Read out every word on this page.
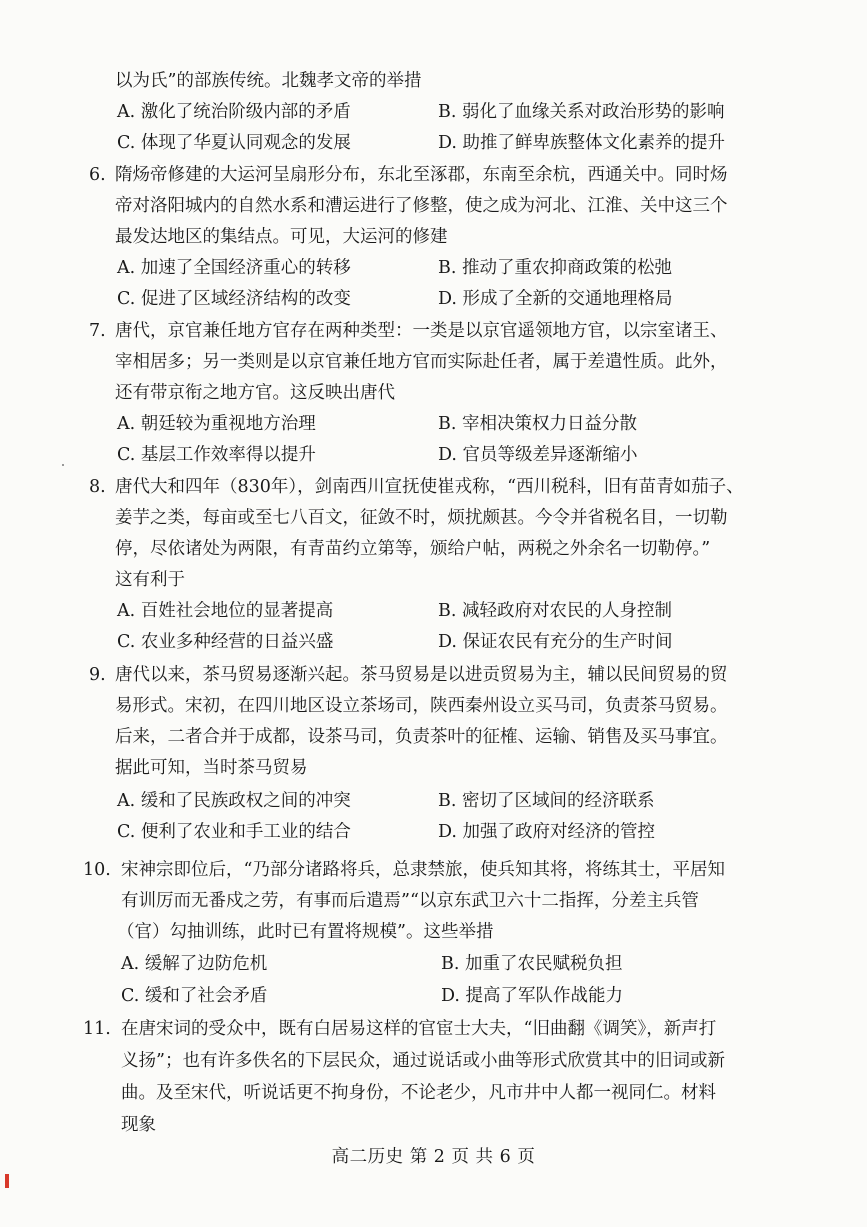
以为氏”的部族传统。北魏孝文帝的举措
A. 激化了统治阶级内部的矛盾	B. 弱化了血缘关系对政治形势的影响
C. 体现了华夏认同观念的发展	D. 助推了鲜卑族整体文化素养的提升
6. 隋炀帝修建的大运河呈扇形分布，东北至涿郡，东南至余杭，西通关中。同时炀
帝对洛阳城内的自然水系和漕运进行了修整，使之成为河北、江淮、关中这三个
最发达地区的集结点。可见，大运河的修建
A. 加速了全国经济重心的转移	B. 推动了重农抑商政策的松弛
C. 促进了区域经济结构的改变	D. 形成了全新的交通地理格局
7. 唐代，京官兼任地方官存在两种类型：一类是以京官遥领地方官，以宗室诸王、
宰相居多；另一类则是以京官兼任地方官而实际赴任者，属于差遣性质。此外，
还有带京衔之地方官。这反映出唐代
A. 朝廷较为重视地方治理	B. 宰相决策权力日益分散
C. 基层工作效率得以提升	D. 官员等级差异逐渐缩小
8. 唐代大和四年（830年），剑南西川宣抚使崔戎称，“西川税科，旧有苗青如茄子、
姜芋之类，每亩或至七八百文，征敛不时，烦扰颇甚。今令并省税名目，一切勒
停，尽依诸处为两限，有青苗约立第等，颁给户帖，两税之外余名一切勒停。”
这有利于
A. 百姓社会地位的显著提高	B. 减轻政府对农民的人身控制
C. 农业多种经营的日益兴盛	D. 保证农民有充分的生产时间
9. 唐代以来，茶马贸易逐渐兴起。茶马贸易是以进贡贸易为主，辅以民间贸易的贸
易形式。宋初，在四川地区设立茶场司，陕西秦州设立买马司，负责茶马贸易。
后来，二者合并于成都，设茶马司，负责茶叶的征榷、运输、销售及买马事宜。
据此可知，当时茶马贸易
A. 缓和了民族政权之间的冲突	B. 密切了区域间的经济联系
C. 便利了农业和手工业的结合	D. 加强了政府对经济的管控
10. 宋神宗即位后，“乃部分诸路将兵，总隶禁旅，使兵知其将，将练其士，平居知
有训厉而无番戍之劳，有事而后遣焉”“以京东武卫六十二指挥，分差主兵管
（官）勾抽训练，此时已有置将规模”。这些举措
A. 缓解了边防危机	B. 加重了农民赋税负担
C. 缓和了社会矛盾	D. 提高了军队作战能力
11. 在唐宋词的受众中，既有白居易这样的官宦士大夫，“旧曲翻《调笑》，新声打
义扬”；也有许多佚名的下层民众，通过说话或小曲等形式欣赏其中的旧词或新
曲。及至宋代，听说话更不拘身份，不论老少，凡市井中人都一视同仁。材料
现象
高二历史 第 2 页 共 6 页
